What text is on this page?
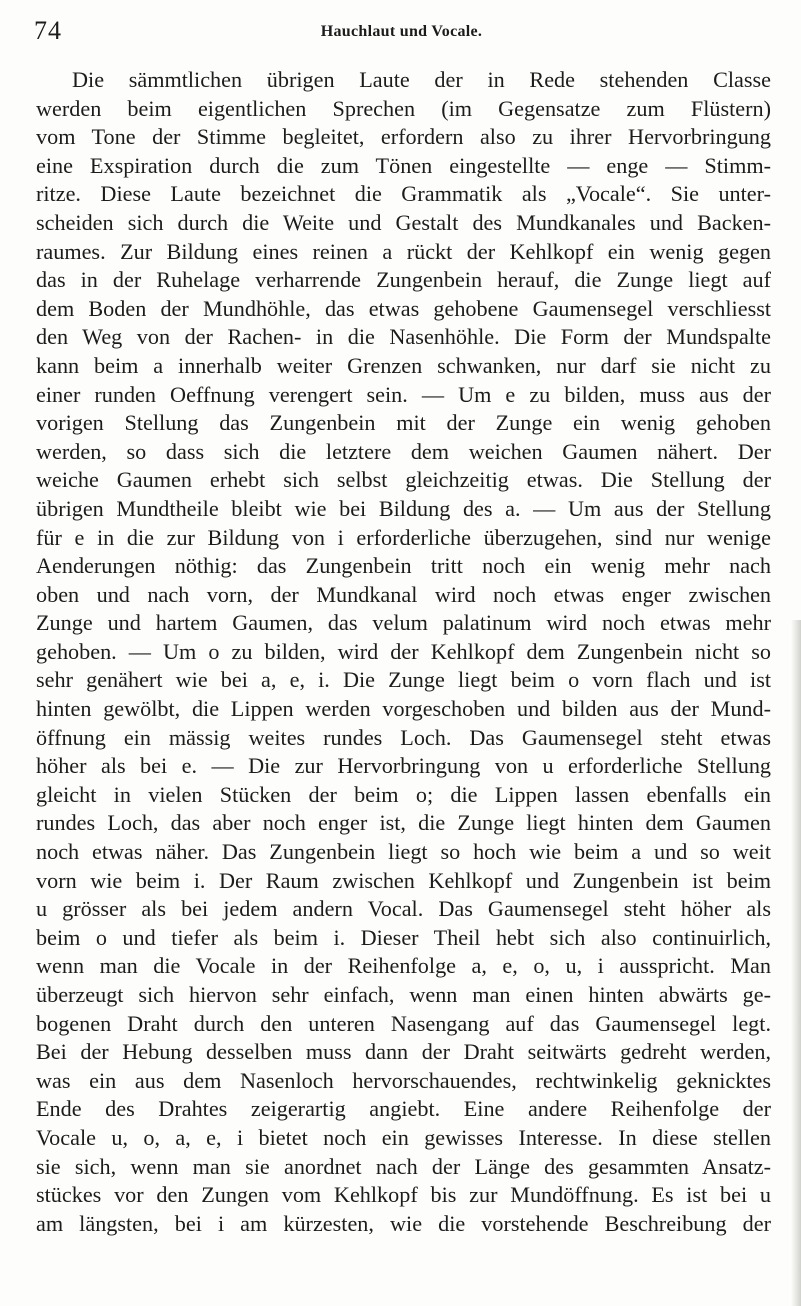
74	Hauchlaut und Vocale.
Die sämmtlichen übrigen Laute der in Rede stehenden Classe
werden beim eigentlichen Sprechen (im Gegensatze zum Flüstern)
vom Tone der Stimme begleitet, erfordern also zu ihrer Hervorbringung
eine Exspiration durch die zum Tönen eingestellte — enge — Stimm-
ritze. Diese Laute bezeichnet die Grammatik als „Vocale“. Sie unter-
scheiden sich durch die Weite und Gestalt des Mundkanales und Backen-
raumes. Zur Bildung eines reinen a rückt der Kehlkopf ein wenig gegen
das in der Ruhelage verharrende Zungenbein herauf, die Zunge liegt auf
dem Boden der Mundhöhle, das etwas gehobene Gaumensegel verschliesst
den Weg von der Rachen- in die Nasenhöhle. Die Form der Mundspalte
kann beim a innerhalb weiter Grenzen schwanken, nur darf sie nicht zu
einer runden Oeffnung verengert sein. — Um e zu bilden, muss aus der
vorigen Stellung das Zungenbein mit der Zunge ein wenig gehoben
werden, so dass sich die letztere dem weichen Gaumen nähert. Der
weiche Gaumen erhebt sich selbst gleichzeitig etwas. Die Stellung der
übrigen Mundtheile bleibt wie bei Bildung des a. — Um aus der Stellung
für e in die zur Bildung von i erforderliche überzugehen, sind nur wenige
Aenderungen nöthig: das Zungenbein tritt noch ein wenig mehr nach
oben und nach vorn, der Mundkanal wird noch etwas enger zwischen
Zunge und hartem Gaumen, das velum palatinum wird noch etwas mehr
gehoben. — Um o zu bilden, wird der Kehlkopf dem Zungenbein nicht so
sehr genähert wie bei a, e, i. Die Zunge liegt beim o vorn flach und ist
hinten gewölbt, die Lippen werden vorgeschoben und bilden aus der Mund-
öffnung ein mässig weites rundes Loch. Das Gaumensegel steht etwas
höher als bei e. — Die zur Hervorbringung von u erforderliche Stellung
gleicht in vielen Stücken der beim o; die Lippen lassen ebenfalls ein
rundes Loch, das aber noch enger ist, die Zunge liegt hinten dem Gaumen
noch etwas näher. Das Zungenbein liegt so hoch wie beim a und so weit
vorn wie beim i. Der Raum zwischen Kehlkopf und Zungenbein ist beim
u grösser als bei jedem andern Vocal. Das Gaumensegel steht höher als
beim o und tiefer als beim i. Dieser Theil hebt sich also continuirlich,
wenn man die Vocale in der Reihenfolge a, e, o, u, i ausspricht. Man
überzeugt sich hiervon sehr einfach, wenn man einen hinten abwärts ge-
bogenen Draht durch den unteren Nasengang auf das Gaumensegel legt.
Bei der Hebung desselben muss dann der Draht seitwärts gedreht werden,
was ein aus dem Nasenloch hervorschauendes, rechtwinkelig geknicktes
Ende des Drahtes zeigerartig angiebt. Eine andere Reihenfolge der
Vocale u, o, a, e, i bietet noch ein gewisses Interesse. In diese stellen
sie sich, wenn man sie anordnet nach der Länge des gesammten Ansatz-
stückes vor den Zungen vom Kehlkopf bis zur Mundöffnung. Es ist bei u
am längsten, bei i am kürzesten, wie die vorstehende Beschreibung der
